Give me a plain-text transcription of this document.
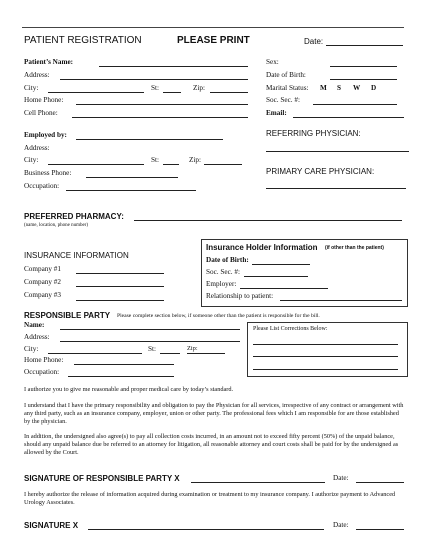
PATIENT REGISTRATION	PLEASE PRINT	Date:
Patient’s Name:
Address:
City:	St:	Zip:
Home Phone:
Cell Phone:
Sex:
Date of Birth:
Marital Status: M S W D
Soc. Sec. #:
Email:
Employed by:
Address:
City:	St:	Zip:
Business Phone:
Occupation:
REFERRING PHYSICIAN:
PRIMARY CARE PHYSICIAN:
PREFERRED PHARMACY:
(name, location, phone number)
INSURANCE INFORMATION
Company #1
Company #2
Company #3
Insurance Holder Information (if other than the patient)
Date of Birth:
Soc. Sec. #:
Employer:
Relationship to patient:
RESPONSIBLE PARTY Please complete section below, if someone other than the patient is responsible for the bill.
Name:
Address:
City:	St:	Zip:
Home Phone:
Occupation:
Please List Corrections Below:
I authorize you to give me reasonable and proper medical care by today’s standard.
I understand that I have the primary responsibility and obligation to pay the Physician for all services, irrespective of any contract or arrangement with any third party, such as an insurance company, employer, union or other party. The professional fees which I am responsible for are those established by the physician.
In addition, the undersigned also agree(s) to pay all collection costs incurred, in an amount not to exceed fifty percent (50%) of the unpaid balance, should any unpaid balance due be referred to an attorney for litigation, all reasonable attorney and court costs shall be paid for by the undersigned as allowed by the Court.
SIGNATURE OF RESPONSIBLE PARTY X	Date:
I hereby authorize the release of information acquired during examination or treatment to my insurance company. I authorize payment to Advanced Urology Associates.
SIGNATURE X	Date:
